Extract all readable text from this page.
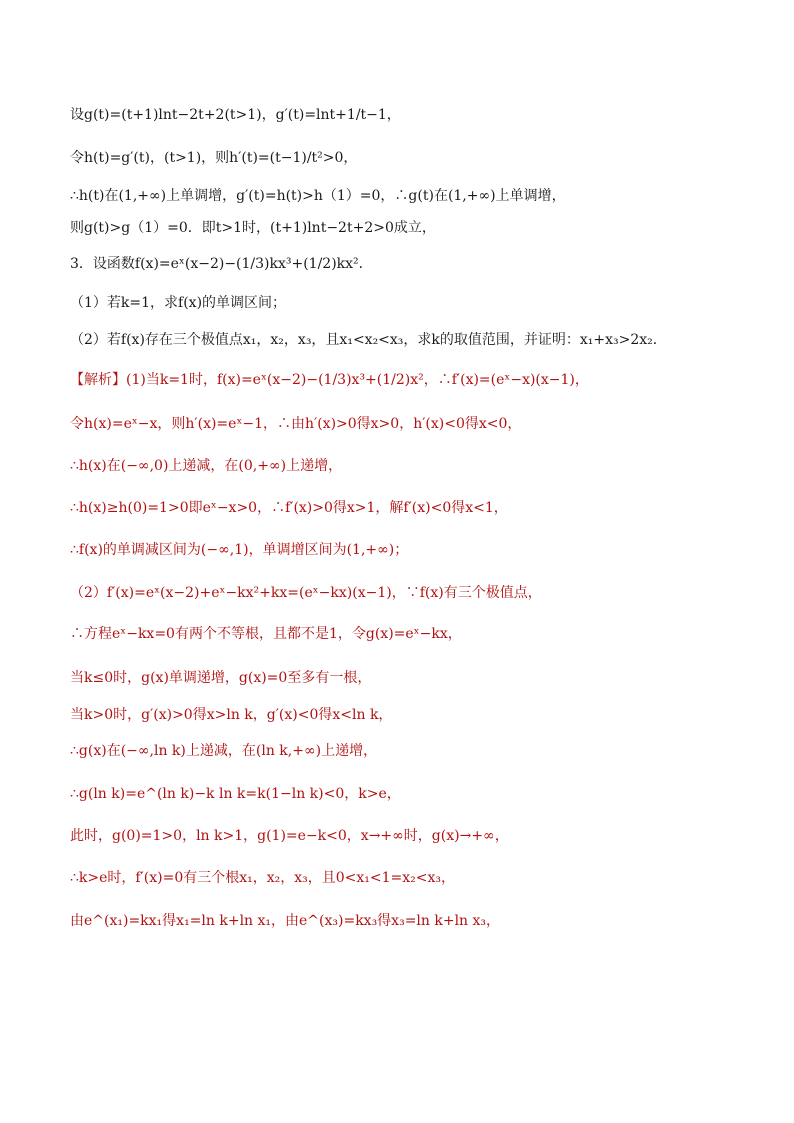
设g(t)=(t+1)lnt−2t+2(t>1)，g′(t)=lnt+1/t−1，
令h(t)=g′(t)，(t>1)，则h′(t)=(t−1)/t²>0，
∴h(t)在(1,+∞)上单调增，g′(t)=h(t)>h（1）=0，∴g(t)在(1,+∞)上单调增，
则g(t)>g（1）=0．即t>1时，(t+1)lnt−2t+2>0成立，
3．设函数f(x)=eˣ(x−2)−(1/3)kx³+(1/2)kx²．
（1）若k=1，求f(x)的单调区间；
（2）若f(x)存在三个极值点x₁，x₂，x₃，且x₁<x₂<x₃，求k的取值范围，并证明：x₁+x₃>2x₂．
【解析】(1)当k=1时，f(x)=eˣ(x−2)−(1/3)x³+(1/2)x²，∴f′(x)=(eˣ−x)(x−1)，
令h(x)=eˣ−x，则h′(x)=eˣ−1，∴由h′(x)>0得x>0，h′(x)<0得x<0，
∴h(x)在(−∞,0)上递减，在(0,+∞)上递增，
∴h(x)≥h(0)=1>0即eˣ−x>0，∴f′(x)>0得x>1，解f′(x)<0得x<1，
∴f(x)的单调减区间为(−∞,1)，单调增区间为(1,+∞)；
（2）f′(x)=eˣ(x−2)+eˣ−kx²+kx=(eˣ−kx)(x−1)，∵f(x)有三个极值点，
∴方程eˣ−kx=0有两个不等根，且都不是1，令g(x)=eˣ−kx，
当k≤0时，g(x)单调递增，g(x)=0至多有一根，
当k>0时，g′(x)>0得x>ln k，g′(x)<0得x<ln k，
∴g(x)在(−∞,ln k)上递减，在(ln k,+∞)上递增，
∴g(ln k)=e^(ln k)−k ln k=k(1−ln k)<0，k>e，
此时，g(0)=1>0，ln k>1，g(1)=e−k<0，x→+∞时，g(x)→+∞，
∴k>e时，f′(x)=0有三个根x₁，x₂，x₃，且0<x₁<1=x₂<x₃，
由e^(x₁)=kx₁得x₁=ln k+ln x₁，由e^(x₃)=kx₃得x₃=ln k+ln x₃，
